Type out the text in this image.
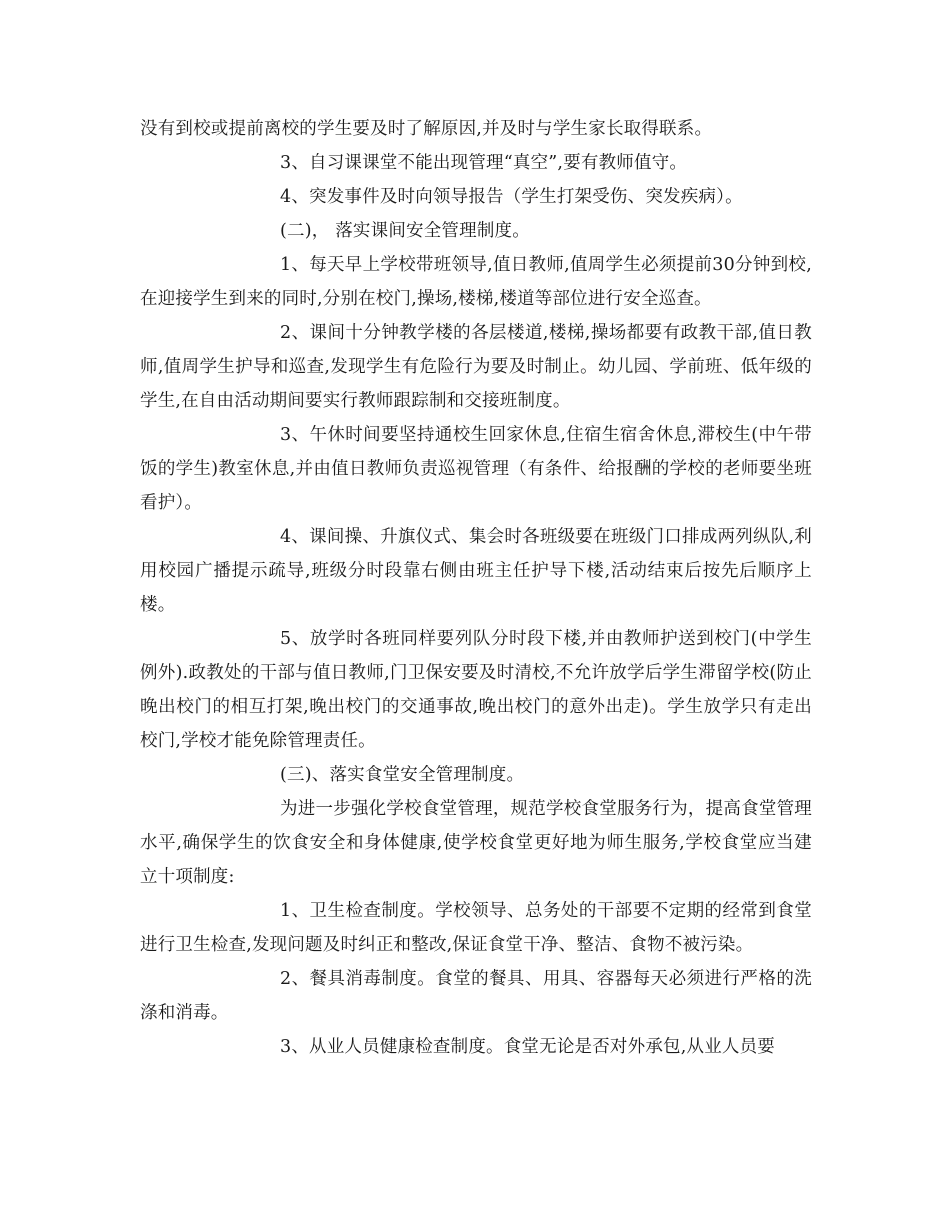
没有到校或提前离校的学生要及时了解原因,并及时与学生家长取得联系。

3、自习课课堂不能出现管理“真空”,要有教师值守。

4、突发事件及时向领导报告（学生打架受伤、突发疾病）。

(二)， 落实课间安全管理制度。

1、每天早上学校带班领导,值日教师,值周学生必须提前30分钟到校,在迎接学生到来的同时,分别在校门,操场,楼梯,楼道等部位进行安全巡查。

2、课间十分钟教学楼的各层楼道,楼梯,操场都要有政教干部,值日教师,值周学生护导和巡查,发现学生有危险行为要及时制止。幼儿园、学前班、低年级的学生,在自由活动期间要实行教师跟踪制和交接班制度。

3、午休时间要坚持通校生回家休息,住宿生宿舍休息,滞校生(中午带饭的学生)教室休息,并由值日教师负责巡视管理（有条件、给报酬的学校的老师要坐班看护）。

4、课间操、升旗仪式、集会时各班级要在班级门口排成两列纵队,利用校园广播提示疏导,班级分时段靠右侧由班主任护导下楼,活动结束后按先后顺序上楼。

5、放学时各班同样要列队分时段下楼,并由教师护送到校门(中学生例外).政教处的干部与值日教师,门卫保安要及时清校,不允许放学后学生滞留学校(防止晚出校门的相互打架,晚出校门的交通事故,晚出校门的意外出走)。学生放学只有走出校门,学校才能免除管理责任。

(三)、落实食堂安全管理制度。

为进一步强化学校食堂管理，规范学校食堂服务行为，提高食堂管理水平,确保学生的饮食安全和身体健康,使学校食堂更好地为师生服务,学校食堂应当建立十项制度:

1、卫生检查制度。学校领导、总务处的干部要不定期的经常到食堂进行卫生检查,发现问题及时纠正和整改,保证食堂干净、整洁、食物不被污染。

2、餐具消毒制度。食堂的餐具、用具、容器每天必须进行严格的洗涤和消毒。

3、从业人员健康检查制度。食堂无论是否对外承包,从业人员要
